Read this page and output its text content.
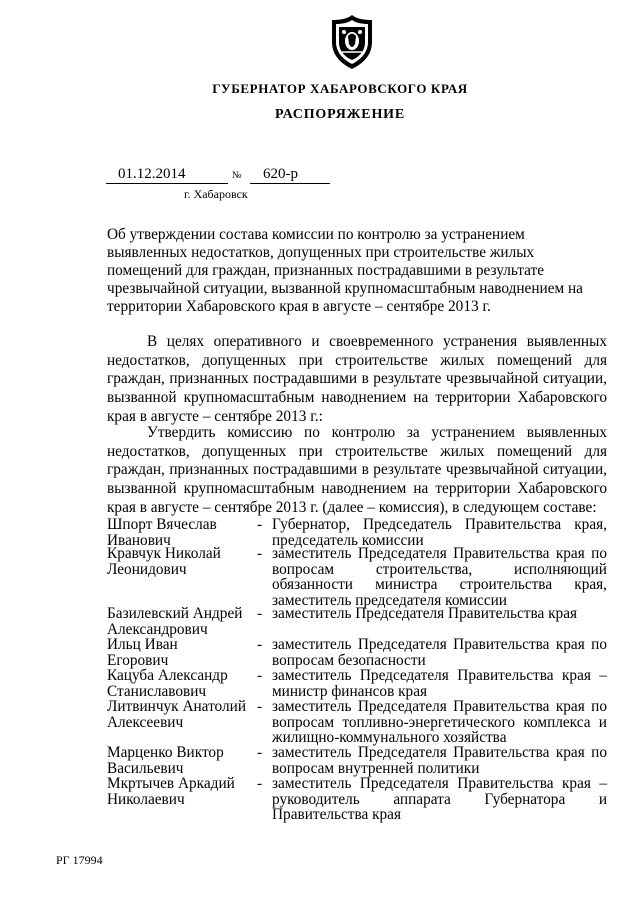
ГУБЕРНАТОР ХАБАРОВСКОГО КРАЯ
РАСПОРЯЖЕНИЕ
01.12.2014	№ 620-р
г. Хабаровск

Об утверждении состава комиссии по контролю за устранением выявленных недостатков, допущенных при строительстве жилых помещений для граждан, признанных пострадавшими в результате чрезвычайной ситуации, вызванной крупномасштабным наводнением на территории Хабаровского края в августе – сентябре 2013 г.

В целях оперативного и своевременного устранения выявленных недостатков, допущенных при строительстве жилых помещений для граждан, признанных пострадавшими в результате чрезвычайной ситуации, вызванной крупномасштабным наводнением на территории Хабаровского края в августе – сентябре 2013 г.:

Утвердить комиссию по контролю за устранением выявленных недостатков, допущенных при строительстве жилых помещений для граждан, признанных пострадавшими в результате чрезвычайной ситуации, вызванной крупномасштабным наводнением на территории Хабаровского края в августе – сентябре 2013 г. (далее – комиссия), в следующем составе:

Шпорт Вячеслав
Иванович
- Губернатор, Председатель Правительства края, председатель комиссии
Кравчук Николай
Леонидович
- заместитель Председателя Правительства края по вопросам строительства, исполняющий обязанности министра строительства края, заместитель председателя комиссии
Базилевский Андрей
Александрович
- заместитель Председателя Правительства края
Ильц Иван
Егорович
- заместитель Председателя Правительства края по вопросам безопасности
Кацуба Александр
Станиславович
- заместитель Председателя Правительства края – министр финансов края
Литвинчук Анатолий
Алексеевич
- заместитель Председателя Правительства края по вопросам топливно-энергетического комплекса и жилищно-коммунального хозяйства
Марценко Виктор
Васильевич
- заместитель Председателя Правительства края по вопросам внутренней политики
Мкртычев Аркадий
Николаевич
- заместитель Председателя Правительства края – руководитель аппарата Губернатора и Правительства края
РГ 17994
